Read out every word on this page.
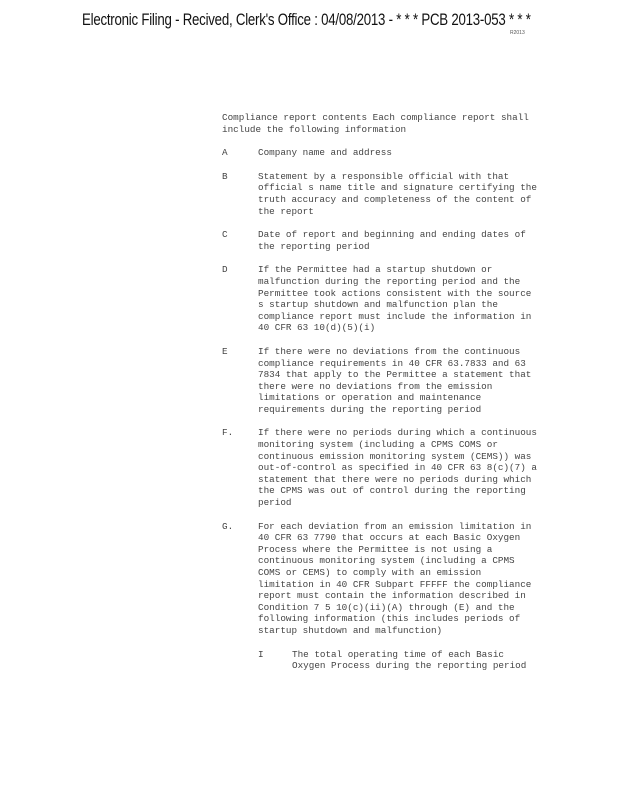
Electronic Filing - Recived, Clerk's Office : 04/08/2013 - * * * PCB 2013-053 * * *
R2013
Compliance report contents Each compliance report shall include the following information
A	Company name and address
B	Statement by a responsible official with that official s name title and signature certifying the truth accuracy and completeness of the content of the report
C	Date of report and beginning and ending dates of the reporting period
D	If the Permittee had a startup shutdown or malfunction during the reporting period and the Permittee took actions consistent with the source s startup shutdown and malfunction plan the compliance report must include the information in 40 CFR 63 10(d)(5)(i)
E	If there were no deviations from the continuous compliance requirements in 40 CFR 63.7833 and 63 7834 that apply to the Permittee a statement that there were no deviations from the emission limitations or operation and maintenance requirements during the reporting period
F.	If there were no periods during which a continuous monitoring system (including a CPMS COMS or continuous emission monitoring system (CEMS)) was out-of-control as specified in 40 CFR 63 8(c)(7) a statement that there were no periods during which the CPMS was out of control during the reporting period
G.	For each deviation from an emission limitation in 40 CFR 63 7790 that occurs at each Basic Oxygen Process where the Permittee is not using a continuous monitoring system (including a CPMS COMS or CEMS) to comply with an emission limitation in 40 CFR Subpart FFFFF the compliance report must contain the information described in Condition 7 5 10(c)(ii)(A) through (E) and the following information (this includes periods of startup shutdown and malfunction)
I	The total operating time of each Basic Oxygen Process during the reporting period
